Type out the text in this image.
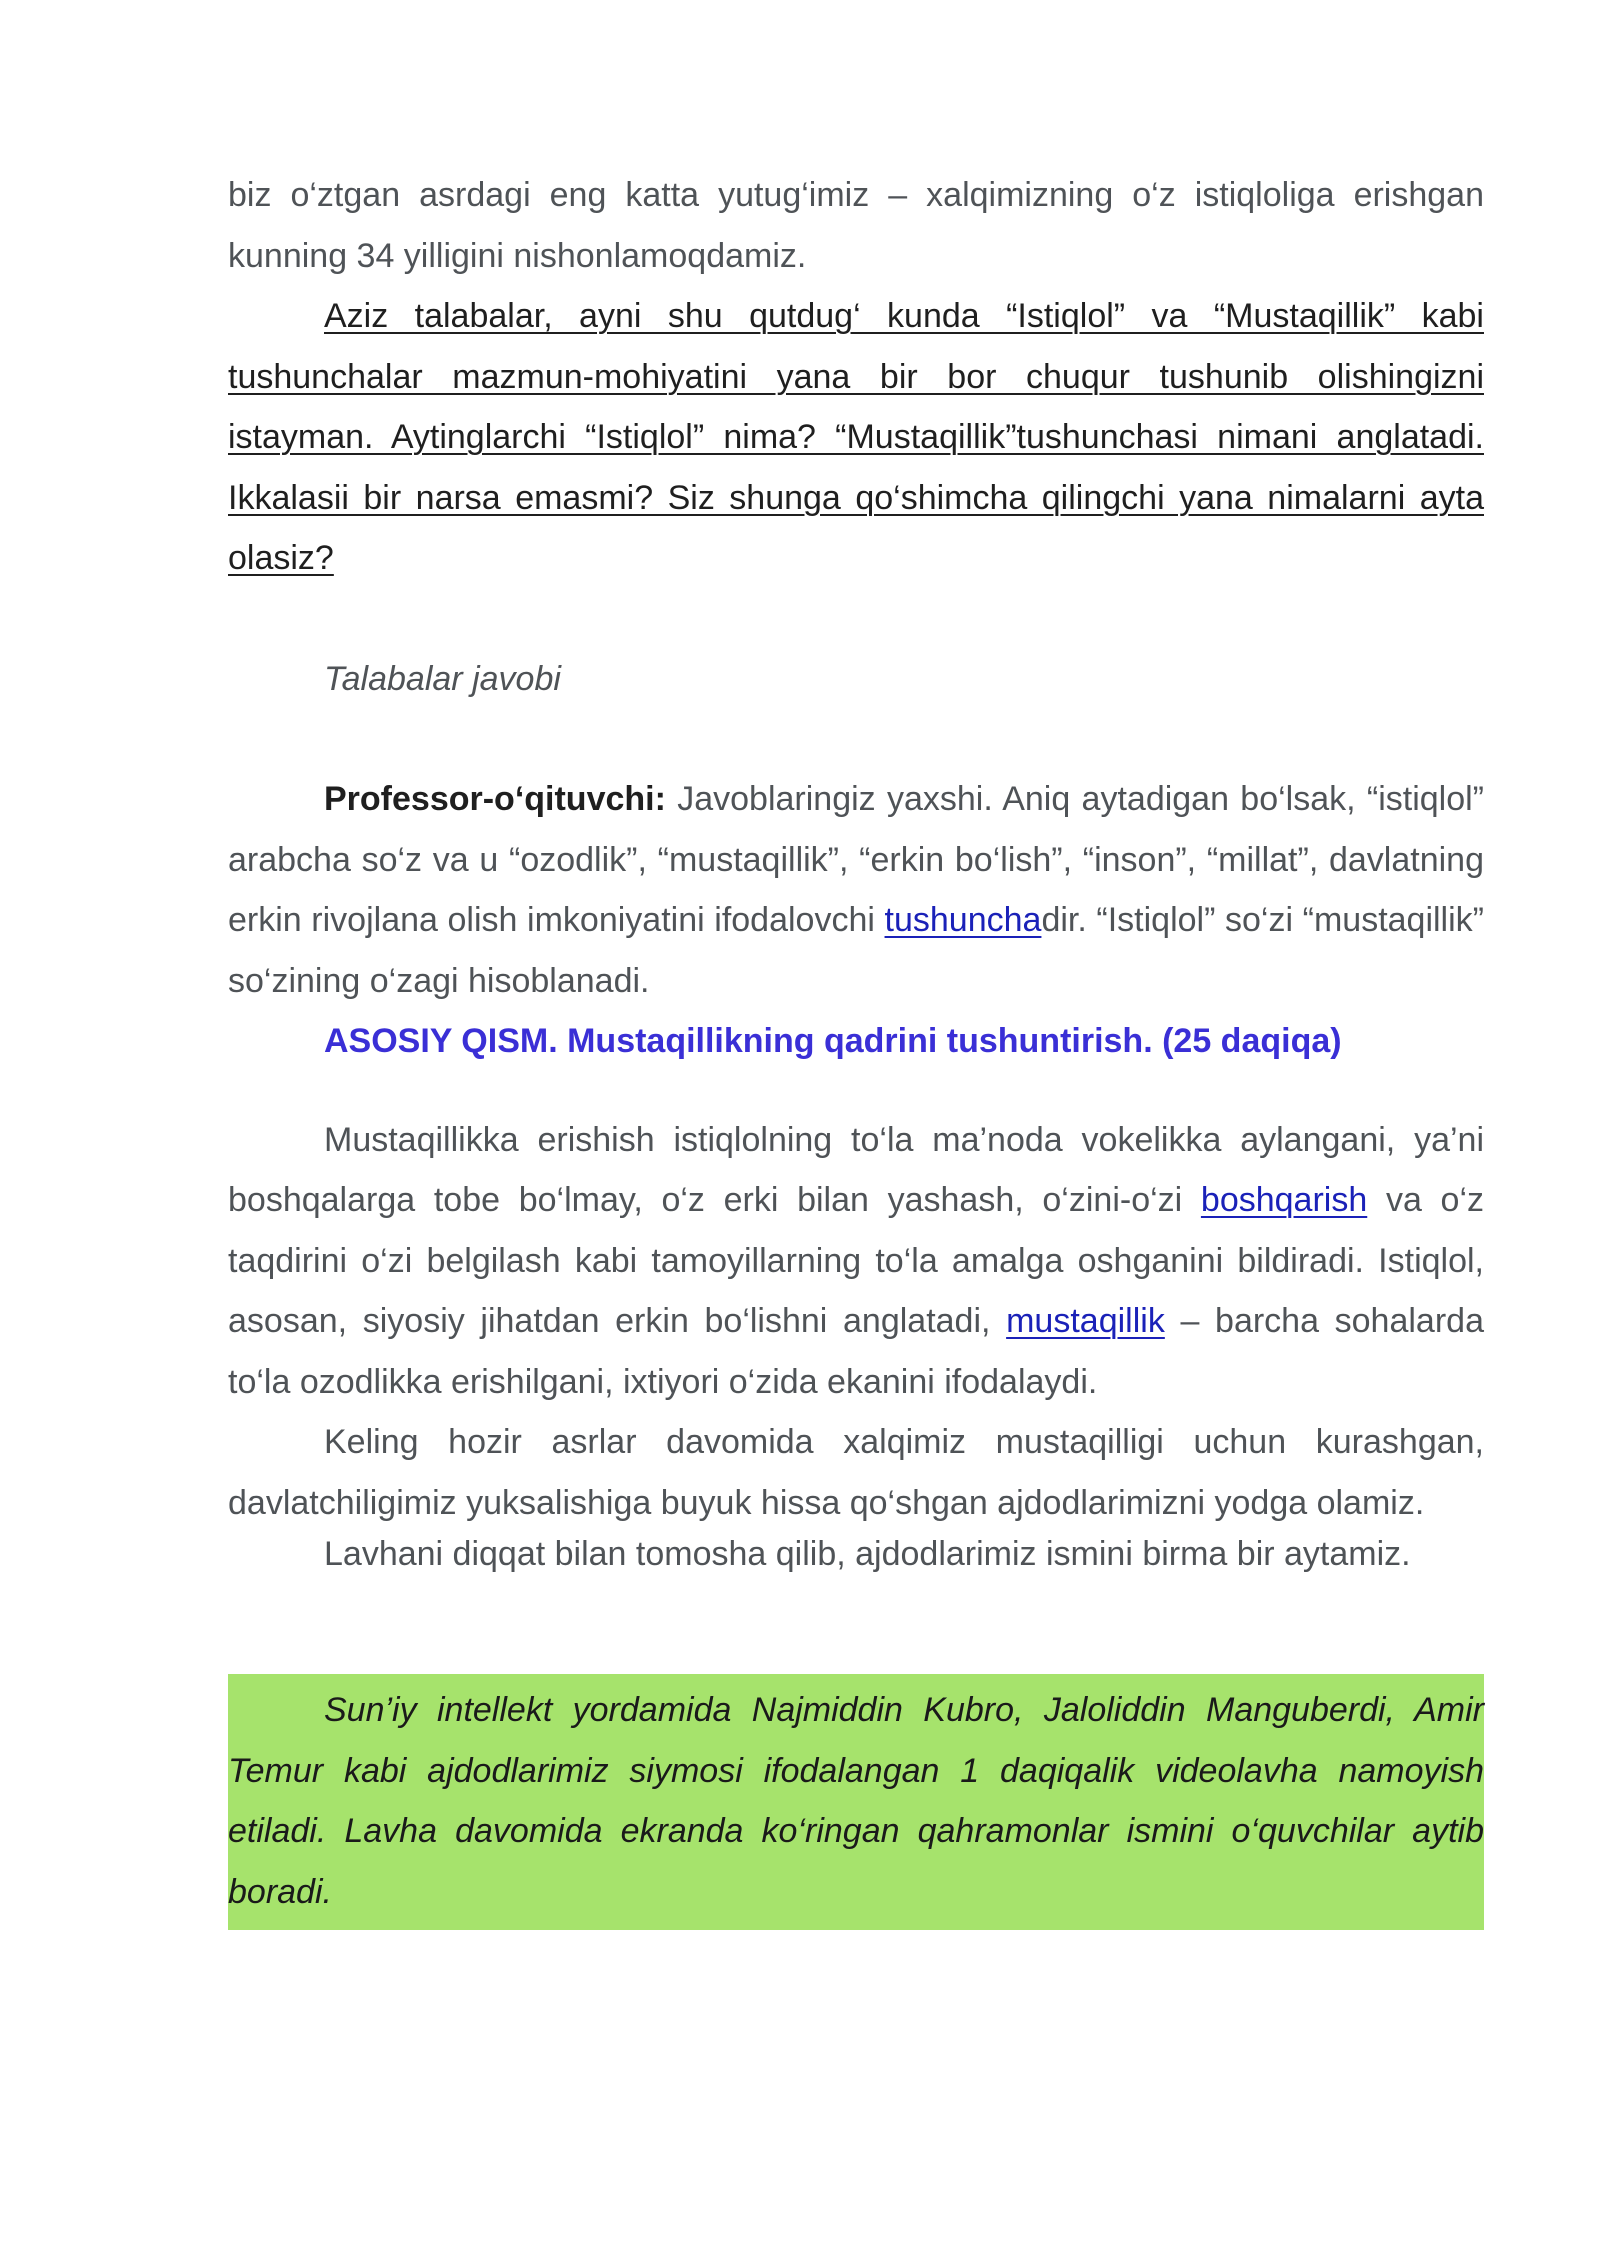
biz o‘ztgan asrdagi eng katta yutug‘imiz – xalqimizning o‘z istiqloliga erishgan kunning 34 yilligini nishonlamoqdamiz.

Aziz talabalar, ayni shu qutdug‘ kunda “Istiqlol” va “Mustaqillik” kabi tushunchalar mazmun-mohiyatini yana bir bor chuqur tushunib olishingizni istayman. Aytinglarchi “Istiqlol” nima? “Mustaqillik”tushunchasi nimani anglatadi. Ikkalasii bir narsa emasmi? Siz shunga qo‘shimcha qilingchi yana nimalarni ayta olasiz?

Talabalar javobi

Professor-o‘qituvchi: Javoblaringiz yaxshi. Aniq aytadigan bo‘lsak, “istiqlol” arabcha so‘z va u “ozodlik”, “mustaqillik”, “erkin bo‘lish”, “inson”, “millat”, davlatning erkin rivojlana olish imkoniyatini ifodalovchi tushunchadir. “Istiqlol” so‘zi “mustaqillik” so‘zining o‘zagi hisoblanadi.

ASOSIY QISM. Mustaqillikning qadrini tushuntirish. (25 daqiqa)

Mustaqillikka erishish istiqlolning to‘la ma’noda vokelikka aylangani, ya’ni boshqalarga tobe bo‘lmay, o‘z erki bilan yashash, o‘zini-o‘zi boshqarish va o‘z taqdirini o‘zi belgilash kabi tamoyillarning to‘la amalga oshganini bildiradi. Istiqlol, asosan, siyosiy jihatdan erkin bo‘lishni anglatadi, mustaqillik – barcha sohalarda to‘la ozodlikka erishilgani, ixtiyori o‘zida ekanini ifodalaydi.

Keling hozir asrlar davomida xalqimiz mustaqilligi uchun kurashgan, davlatchiligimiz yuksalishiga buyuk hissa qo‘shgan ajdodlarimizni yodga olamiz.

Lavhani diqqat bilan tomosha qilib, ajdodlarimiz ismini birma bir aytamiz.

Sun’iy intellekt yordamida Najmiddin Kubro, Jaloliddin Manguberdi, Amir Temur kabi ajdodlarimiz siymosi ifodalangan 1 daqiqalik videolavha namoyish etiladi. Lavha davomida ekranda ko‘ringan qahramonlar ismini o‘quvchilar aytib boradi.
